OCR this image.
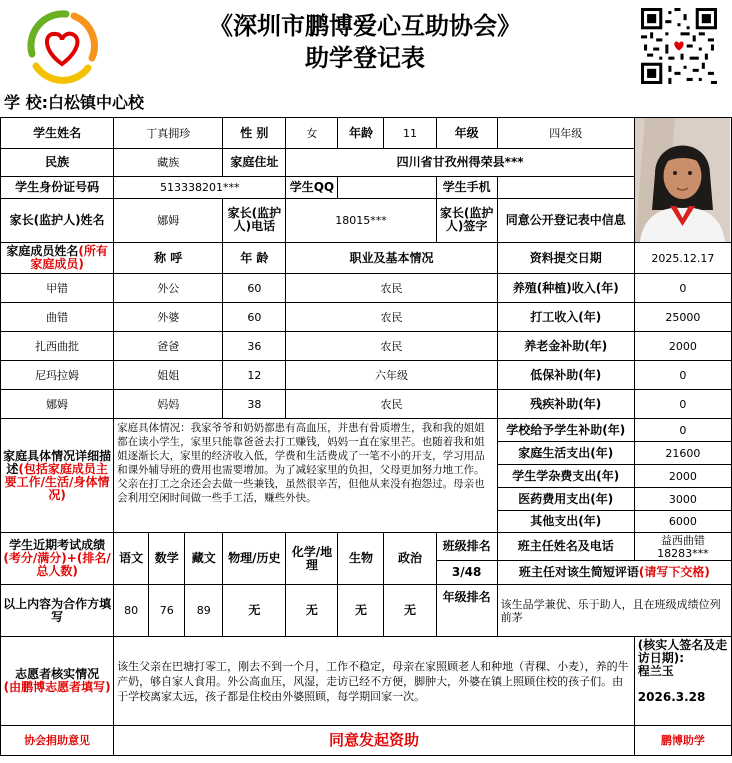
《深圳市鹏博爱心互助协会》
助学登记表
学 校:白松镇中心校
学生姓名	丁真拥珍			性 别	女	年龄	11	年级	四年级	

民族	藏族			家庭住址	四川省甘孜州得荣县***					
学生身份证号码	513338201***				学生QQ			学生手机		
家长(监护人)姓名	娜姆			家长(监护人)电话	18015***			家长(监护人)签字	同意公开登记表中信息	
家庭成员姓名(所有家庭成员)	称 呼			年 龄	职业及基本情况				资料提交日期	2025.12.17
甲错	外公			60	农民				养殖(种植)收入(年)	0
曲错	外婆			60	农民				打工收入(年)	25000
扎西曲批	爸爸			36	农民				养老金补助(年)	2000
尼玛拉姆	姐姐			12	六年级				低保补助(年)	0
娜姆	妈妈			38	农民				残疾补助(年)	0
家庭具体情况详细描述(包括家庭成员主要工作/生活/身体情况)	家庭具体情况：我家爷爷和奶奶都患有高血压，并患有骨质增生，我和我的姐姐都在读小学生，家里只能靠爸爸去打工赚钱，妈妈一直在家里芒。也随着我和姐姐逐渐长大，家里的经济收入低，学费和生活费成了一笔不小的开支，学习用品和课外辅导班的费用也需要增加。为了减轻家里的负担，父母更加努力地工作。父亲在打工之余还会去做一些兼钱，虽然很辛苦，但他从来没有抱怨过。母亲也会利用空闲时间做一些手工活，赚些外快。								学校给予学生补助(年)	0
									家庭生活支出(年)	21600
									学生学杂费支出(年)	2000
									医药费用支出(年)	3000
									其他支出(年)	6000
学生近期考试成绩
(考分/满分)+(排名/总人数)	语文	数学	藏文	物理/历史	化学/地理	生物	政治	班级排名	班主任姓名及电话	益西曲错
18283***
								3/48	班主任对该生简短评语(请写下交格)	
以上内容为合作方填写	80	76	89	无	无	无	无	年级排名	该生品学兼优、乐于助人，且在班级成绩位列前茅	
志愿者核实情况
(由鹏博志愿者填写)	该生父亲在巴塘打零工，刚去不到一个月，工作不稳定，母亲在家照顾老人和种地（青稞、小麦），养的牛产奶，够自家人食用。外公高血压，风湿，走访已经不方便，脚肿大，外婆在镇上照顾住校的孩子们。由于学校离家太远，孩子都是住校由外婆照顾，每学期回家一次。									(核实人签名及走访日期):
程兰玉

2026.3.28
协会捐助意见	同意发起资助									鹏博助学
